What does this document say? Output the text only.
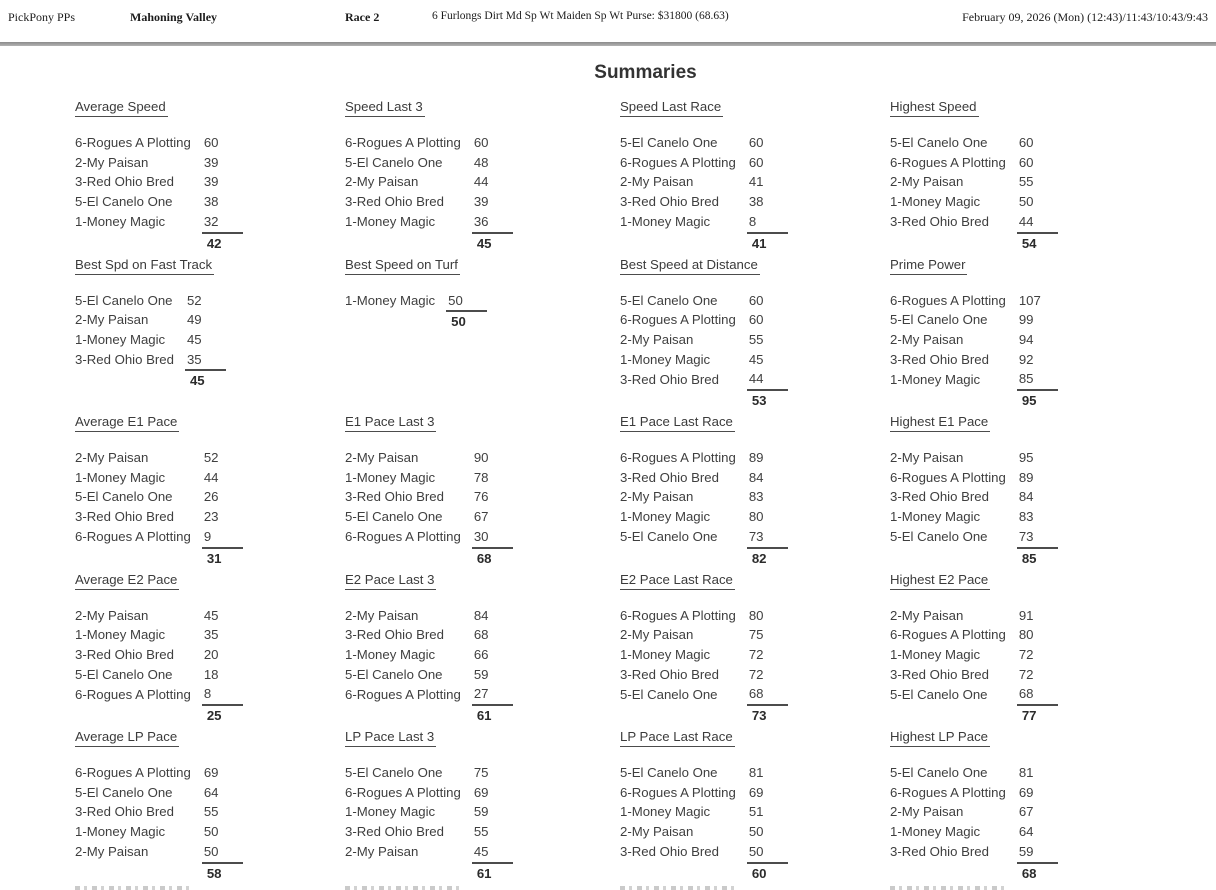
PickPony PPs	Mahoning Valley	Race 2	6 Furlongs Dirt Md Sp Wt Maiden Sp Wt Purse: $31800 (68.63)	February 09, 2026 (Mon) (12:43)/11:43/10:43/9:43
Summaries
Average Speed
6-Rogues A Plotting	60
2-My Paisan	39
3-Red Ohio Bred	39
5-El Canelo One	38
1-Money Magic	32
	42
Speed Last 3
6-Rogues A Plotting	60
5-El Canelo One	48
2-My Paisan	44
3-Red Ohio Bred	39
1-Money Magic	36
	45
Speed Last Race
5-El Canelo One	60
6-Rogues A Plotting	60
2-My Paisan	41
3-Red Ohio Bred	38
1-Money Magic	8
	41
Highest Speed
5-El Canelo One	60
6-Rogues A Plotting	60
2-My Paisan	55
1-Money Magic	50
3-Red Ohio Bred	44
	54
Best Spd on Fast Track
5-El Canelo One	52
2-My Paisan	49
1-Money Magic	45
3-Red Ohio Bred	35
	45
Best Speed on Turf
1-Money Magic	50
	50
Best Speed at Distance
5-El Canelo One	60
6-Rogues A Plotting	60
2-My Paisan	55
1-Money Magic	45
3-Red Ohio Bred	44
	53
Prime Power
6-Rogues A Plotting	107
5-El Canelo One	99
2-My Paisan	94
3-Red Ohio Bred	92
1-Money Magic	85
	95
Average E1 Pace
2-My Paisan	52
1-Money Magic	44
5-El Canelo One	26
3-Red Ohio Bred	23
6-Rogues A Plotting	9
	31
E1 Pace Last 3
2-My Paisan	90
1-Money Magic	78
3-Red Ohio Bred	76
5-El Canelo One	67
6-Rogues A Plotting	30
	68
E1 Pace Last Race
6-Rogues A Plotting	89
3-Red Ohio Bred	84
2-My Paisan	83
1-Money Magic	80
5-El Canelo One	73
	82
Highest E1 Pace
2-My Paisan	95
6-Rogues A Plotting	89
3-Red Ohio Bred	84
1-Money Magic	83
5-El Canelo One	73
	85
Average E2 Pace
2-My Paisan	45
1-Money Magic	35
3-Red Ohio Bred	20
5-El Canelo One	18
6-Rogues A Plotting	8
	25
E2 Pace Last 3
2-My Paisan	84
3-Red Ohio Bred	68
1-Money Magic	66
5-El Canelo One	59
6-Rogues A Plotting	27
	61
E2 Pace Last Race
6-Rogues A Plotting	80
2-My Paisan	75
1-Money Magic	72
3-Red Ohio Bred	72
5-El Canelo One	68
	73
Highest E2 Pace
2-My Paisan	91
6-Rogues A Plotting	80
1-Money Magic	72
3-Red Ohio Bred	72
5-El Canelo One	68
	77
Average LP Pace
6-Rogues A Plotting	69
5-El Canelo One	64
3-Red Ohio Bred	55
1-Money Magic	50
2-My Paisan	50
	58
LP Pace Last 3
5-El Canelo One	75
6-Rogues A Plotting	69
1-Money Magic	59
3-Red Ohio Bred	55
2-My Paisan	45
	61
LP Pace Last Race
5-El Canelo One	81
6-Rogues A Plotting	69
1-Money Magic	51
2-My Paisan	50
3-Red Ohio Bred	50
	60
Highest LP Pace
5-El Canelo One	81
6-Rogues A Plotting	69
2-My Paisan	67
1-Money Magic	64
3-Red Ohio Bred	59
	68
